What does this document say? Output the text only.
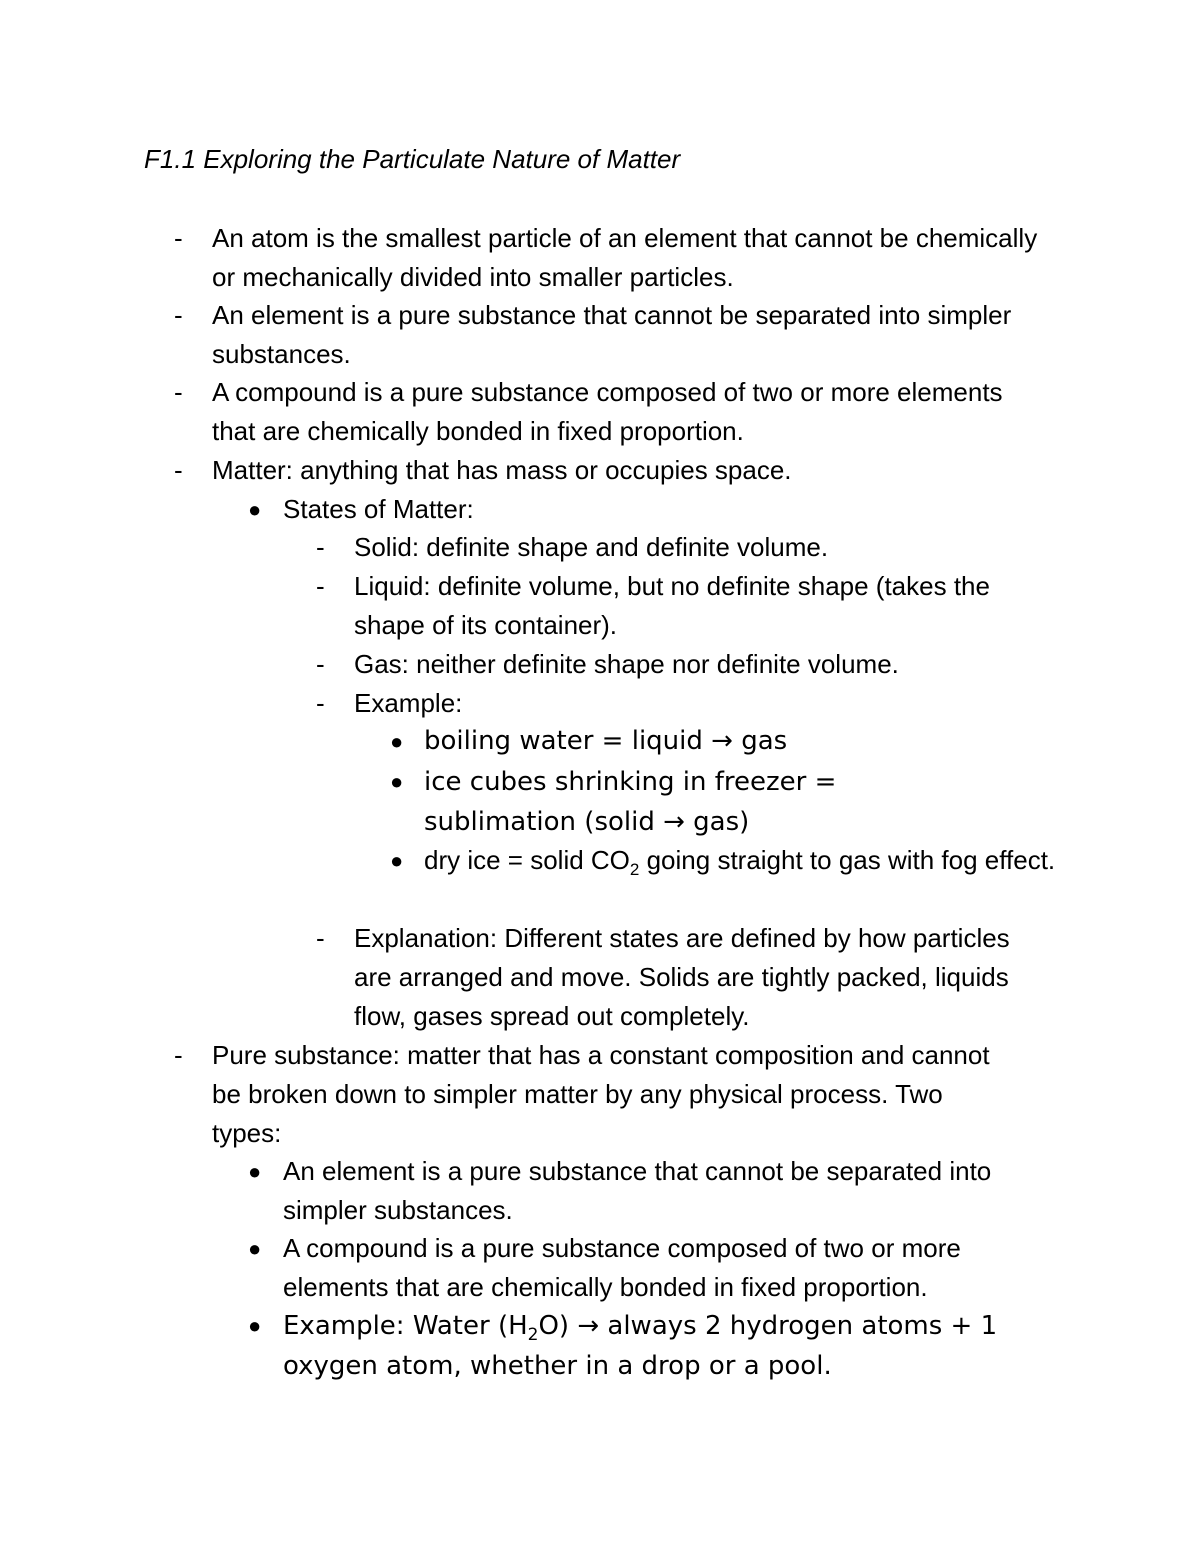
F1.1 Exploring the Particulate Nature of Matter
- An atom is the smallest particle of an element that cannot be chemically or mechanically divided into smaller particles.
- An element is a pure substance that cannot be separated into simpler substances.
- A compound is a pure substance composed of two or more elements that are chemically bonded in fixed proportion.
- Matter: anything that has mass or occupies space.
● States of Matter:
- Solid: definite shape and definite volume.
- Liquid: definite volume, but no definite shape (takes the shape of its container).
- Gas: neither definite shape nor definite volume.
- Example:
● boiling water = liquid → gas
● ice cubes shrinking in freezer = sublimation (solid → gas)
● dry ice = solid $CO_2$ going straight to gas with fog effect.
- Explanation: Different states are defined by how particles are arranged and move. Solids are tightly packed, liquids flow, gases spread out completely.
- Pure substance: matter that has a constant composition and cannot be broken down to simpler matter by any physical process. Two types:
● An element is a pure substance that cannot be separated into simpler substances.
● A compound is a pure substance composed of two or more elements that are chemically bonded in fixed proportion.
● Example: Water $(H_2O)$ → always 2 hydrogen atoms + 1 oxygen atom, whether in a drop or a pool.
